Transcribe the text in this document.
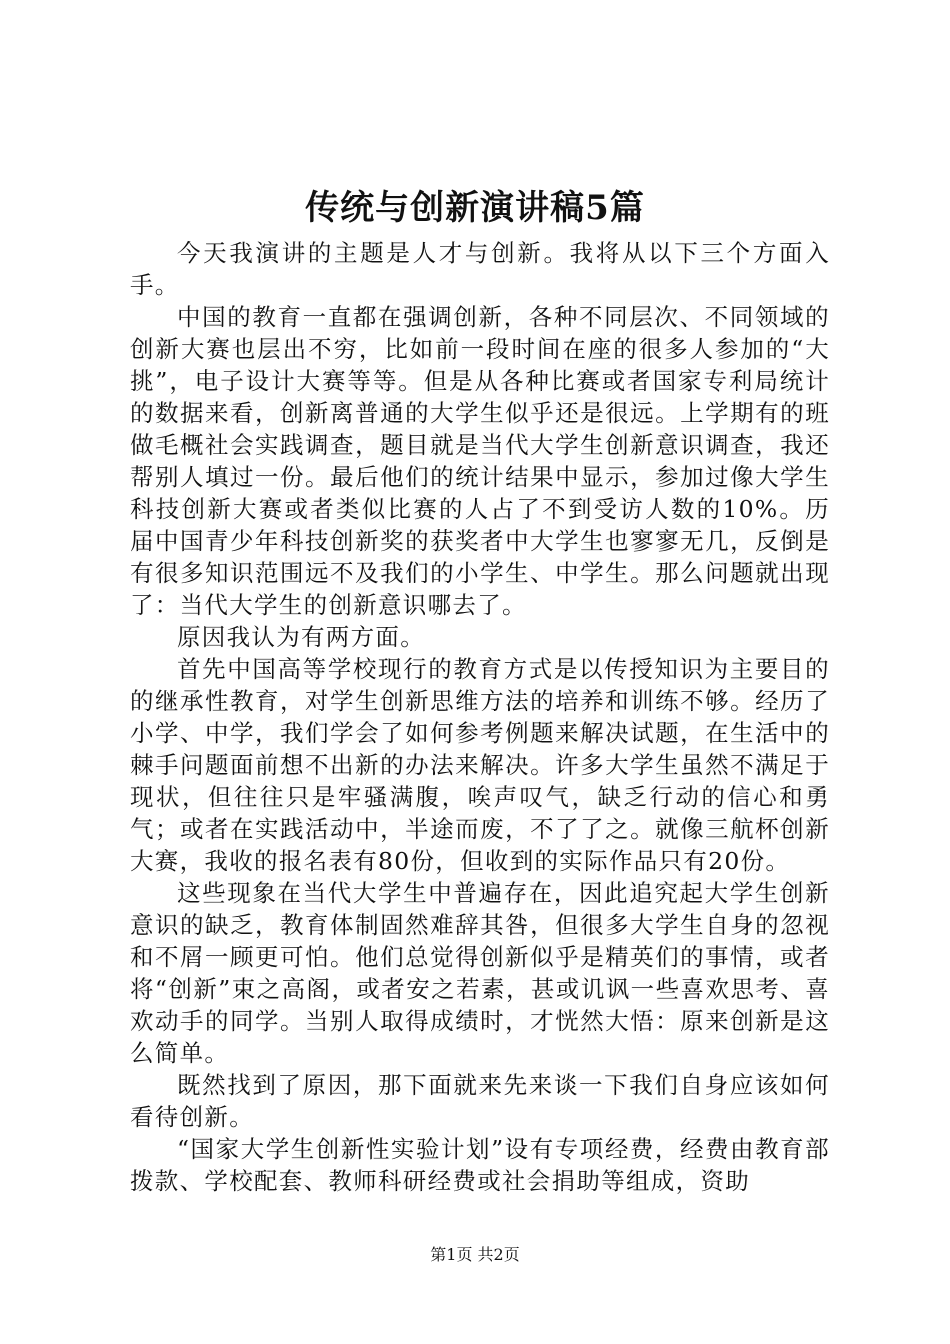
传统与创新演讲稿5篇

今天我演讲的主题是人才与创新。我将从以下三个方面入手。

中国的教育一直都在强调创新，各种不同层次、不同领域的创新大赛也层出不穷，比如前一段时间在座的很多人参加的“大挑”，电子设计大赛等等。但是从各种比赛或者国家专利局统计的数据来看，创新离普通的大学生似乎还是很远。上学期有的班做毛概社会实践调查，题目就是当代大学生创新意识调查，我还帮别人填过一份。最后他们的统计结果中显示，参加过像大学生科技创新大赛或者类似比赛的人占了不到受访人数的10%。历届中国青少年科技创新奖的获奖者中大学生也寥寥无几，反倒是有很多知识范围远不及我们的小学生、中学生。那么问题就出现了：当代大学生的创新意识哪去了。

原因我认为有两方面。

首先中国高等学校现行的教育方式是以传授知识为主要目的的继承性教育，对学生创新思维方法的培养和训练不够。经历了小学、中学，我们学会了如何参考例题来解决试题，在生活中的棘手问题面前想不出新的办法来解决。许多大学生虽然不满足于现状，但往往只是牢骚满腹，唉声叹气，缺乏行动的信心和勇气；或者在实践活动中，半途而废，不了了之。就像三航杯创新大赛，我收的报名表有80份，但收到的实际作品只有20份。

这些现象在当代大学生中普遍存在，因此追究起大学生创新意识的缺乏，教育体制固然难辞其咎，但很多大学生自身的忽视和不屑一顾更可怕。他们总觉得创新似乎是精英们的事情，或者将“创新”束之高阁，或者安之若素，甚或讥讽一些喜欢思考、喜欢动手的同学。当别人取得成绩时，才恍然大悟：原来创新是这么简单。

既然找到了原因，那下面就来先来谈一下我们自身应该如何看待创新。

“国家大学生创新性实验计划”设有专项经费，经费由教育部拨款、学校配套、教师科研经费或社会捐助等组成，资助

第1页 共2页
